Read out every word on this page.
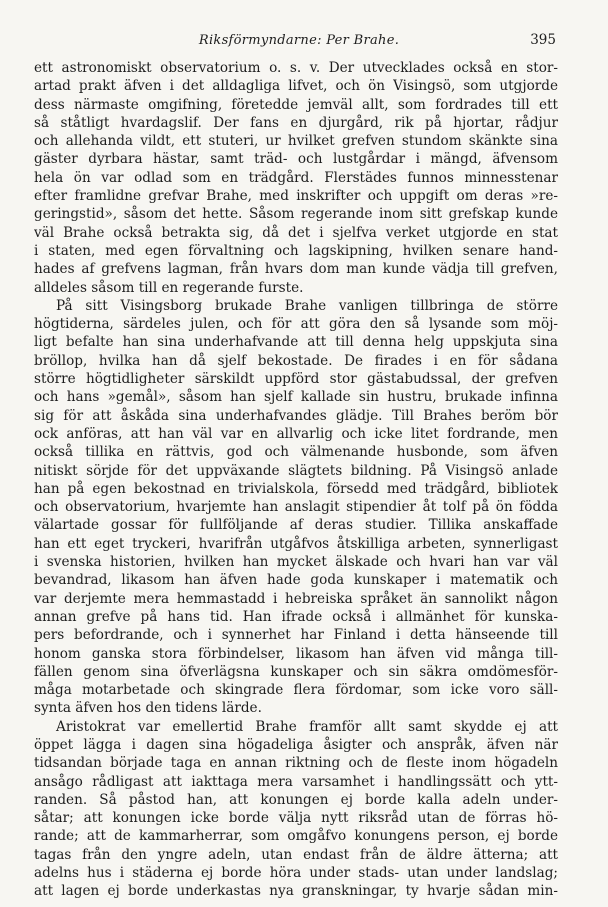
Riksförmyndarne: Per Brahe.	395
ett astronomiskt observatorium o. s. v. Der utvecklades också en stor-
artad prakt äfven i det alldagliga lifvet, och ön Visingsö, som utgjorde
dess närmaste omgifning, företedde jemväl allt, som fordrades till ett
så ståtligt hvardagslif. Der fans en djurgård, rik på hjortar, rådjur
och allehanda vildt, ett stuteri, ur hvilket grefven stundom skänkte sina
gäster dyrbara hästar, samt träd- och lustgårdar i mängd, äfvensom
hela ön var odlad som en trädgård. Flerstädes funnos minnesstenar
efter framlidne grefvar Brahe, med inskrifter och uppgift om deras »re-
geringstid», såsom det hette. Såsom regerande inom sitt grefskap kunde
väl Brahe också betrakta sig, då det i sjelfva verket utgjorde en stat
i staten, med egen förvaltning och lagskipning, hvilken senare hand-
hades af grefvens lagman, från hvars dom man kunde vädja till grefven,
alldeles såsom till en regerande furste.
På sitt Visingsborg brukade Brahe vanligen tillbringa de större
högtiderna, särdeles julen, och för att göra den så lysande som möj-
ligt befalte han sina underhafvande att till denna helg uppskjuta sina
bröllop, hvilka han då sjelf bekostade. De firades i en för sådana
större högtidligheter särskildt uppförd stor gästabudssal, der grefven
och hans »gemål», såsom han sjelf kallade sin hustru, brukade infinna
sig för att åskåda sina underhafvandes glädje. Till Brahes beröm bör
ock anföras, att han väl var en allvarlig och icke litet fordrande, men
också tillika en rättvis, god och välmenande husbonde, som äfven
nitiskt sörjde för det uppväxande slägtets bildning. På Visingsö anlade
han på egen bekostnad en trivialskola, försedd med trädgård, bibliotek
och observatorium, hvarjemte han anslagit stipendier åt tolf på ön födda
välartade gossar för fullföljande af deras studier. Tillika anskaffade
han ett eget tryckeri, hvarifrån utgåfvos åtskilliga arbeten, synnerligast
i svenska historien, hvilken han mycket älskade och hvari han var väl
bevandrad, likasom han äfven hade goda kunskaper i matematik och
var derjemte mera hemmastadd i hebreiska språket än sannolikt någon
annan grefve på hans tid. Han ifrade också i allmänhet för kunska-
pers befordrande, och i synnerhet har Finland i detta hänseende till
honom ganska stora förbindelser, likasom han äfven vid många till-
fällen genom sina öfverlägsna kunskaper och sin säkra omdömesför-
måga motarbetade och skingrade flera fördomar, som icke voro säll-
synta äfven hos den tidens lärde.
Aristokrat var emellertid Brahe framför allt samt skydde ej att
öppet lägga i dagen sina högadeliga åsigter och anspråk, äfven när
tidsandan började taga en annan riktning och de fleste inom högadeln
ansågo rådligast att iakttaga mera varsamhet i handlingssätt och ytt-
randen. Så påstod han, att konungen ej borde kalla adeln under-
såtar; att konungen icke borde välja nytt riksråd utan de förras hö-
rande; att de kammarherrar, som omgåfvo konungens person, ej borde
tagas från den yngre adeln, utan endast från de äldre ätterna; att
adelns hus i städerna ej borde höra under stads- utan under landslag;
att lagen ej borde underkastas nya granskningar, ty hvarje sådan min-
